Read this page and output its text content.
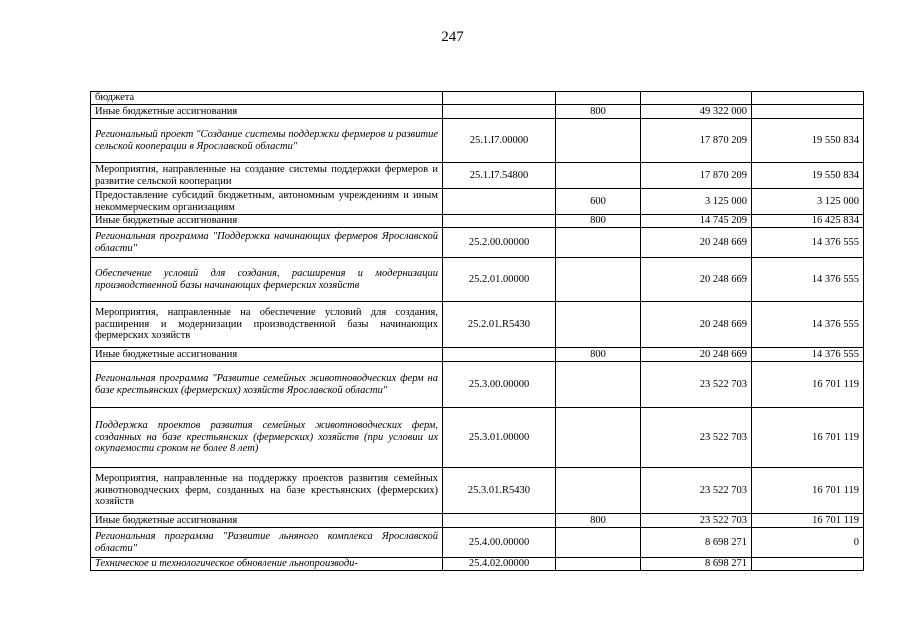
247
бюджета				
Иные бюджетные ассигнования		800	49 322 000	
Региональный проект "Создание системы поддержки фермеров и развитие сельской кооперации в Ярославской области"	25.1.I7.00000		17 870 209	19 550 834
Мероприятия, направленные на создание системы поддержки фермеров и развитие сельской кооперации	25.1.I7.54800		17 870 209	19 550 834
Предоставление субсидий бюджетным, автономным учреждениям и иным некоммерческим организациям		600	3 125 000	3 125 000
Иные бюджетные ассигнования		800	14 745 209	16 425 834
Региональная программа "Поддержка начинающих фермеров Ярославской области"	25.2.00.00000		20 248 669	14 376 555
Обеспечение условий для создания, расширения и модернизации производственной базы начинающих фермерских хозяйств	25.2.01.00000		20 248 669	14 376 555
Мероприятия, направленные на обеспечение условий для создания, расширения и модернизации производственной базы начинающих фермерских хозяйств	25.2.01.R5430		20 248 669	14 376 555
Иные бюджетные ассигнования		800	20 248 669	14 376 555
Региональная программа "Развитие семейных животноводческих ферм на базе крестьянских (фермерских) хозяйств Ярославской области"	25.3.00.00000		23 522 703	16 701 119
Поддержка проектов развития семейных животноводческих ферм, созданных на базе крестьянских (фермерских) хозяйств (при условии их окупаемости сроком не более 8 лет)	25.3.01.00000		23 522 703	16 701 119
Мероприятия, направленные на поддержку проектов развития семейных животноводческих ферм, созданных на базе крестьянских (фермерских) хозяйств	25.3.01.R5430		23 522 703	16 701 119
Иные бюджетные ассигнования		800	23 522 703	16 701 119
Региональная программа "Развитие льняного комплекса Ярославской области"	25.4.00.00000		8 698 271	0
Техническое и технологическое обновление льнопроизводи-	25.4.02.00000		8 698 271	
